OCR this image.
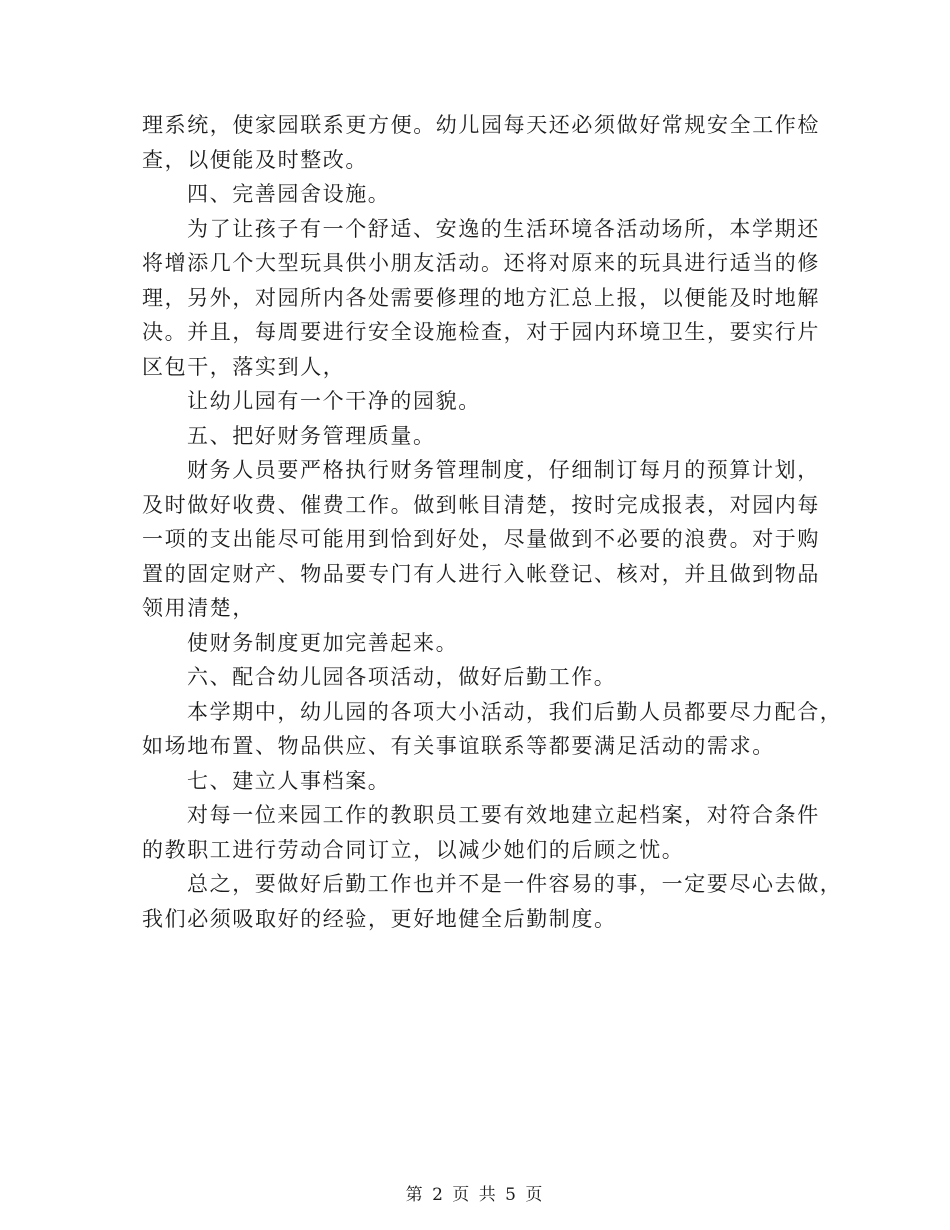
理系统，使家园联系更方便。幼儿园每天还必须做好常规安全工作检
查，以便能及时整改。
四、完善园舍设施。
为了让孩子有一个舒适、安逸的生活环境各活动场所，本学期还
将增添几个大型玩具供小朋友活动。还将对原来的玩具进行适当的修
理，另外，对园所内各处需要修理的地方汇总上报，以便能及时地解
决。并且，每周要进行安全设施检查，对于园内环境卫生，要实行片
区包干，落实到人，
让幼儿园有一个干净的园貌。
五、把好财务管理质量。
财务人员要严格执行财务管理制度，仔细制订每月的预算计划，
及时做好收费、催费工作。做到帐目清楚，按时完成报表，对园内每
一项的支出能尽可能用到恰到好处，尽量做到不必要的浪费。对于购
置的固定财产、物品要专门有人进行入帐登记、核对，并且做到物品
领用清楚，
使财务制度更加完善起来。
六、配合幼儿园各项活动，做好后勤工作。
本学期中，幼儿园的各项大小活动，我们后勤人员都要尽力配合，
如场地布置、物品供应、有关事谊联系等都要满足活动的需求。
七、建立人事档案。
对每一位来园工作的教职员工要有效地建立起档案，对符合条件
的教职工进行劳动合同订立，以减少她们的后顾之忧。
总之，要做好后勤工作也并不是一件容易的事，一定要尽心去做，
我们必须吸取好的经验，更好地健全后勤制度。
第 2 页 共 5 页
